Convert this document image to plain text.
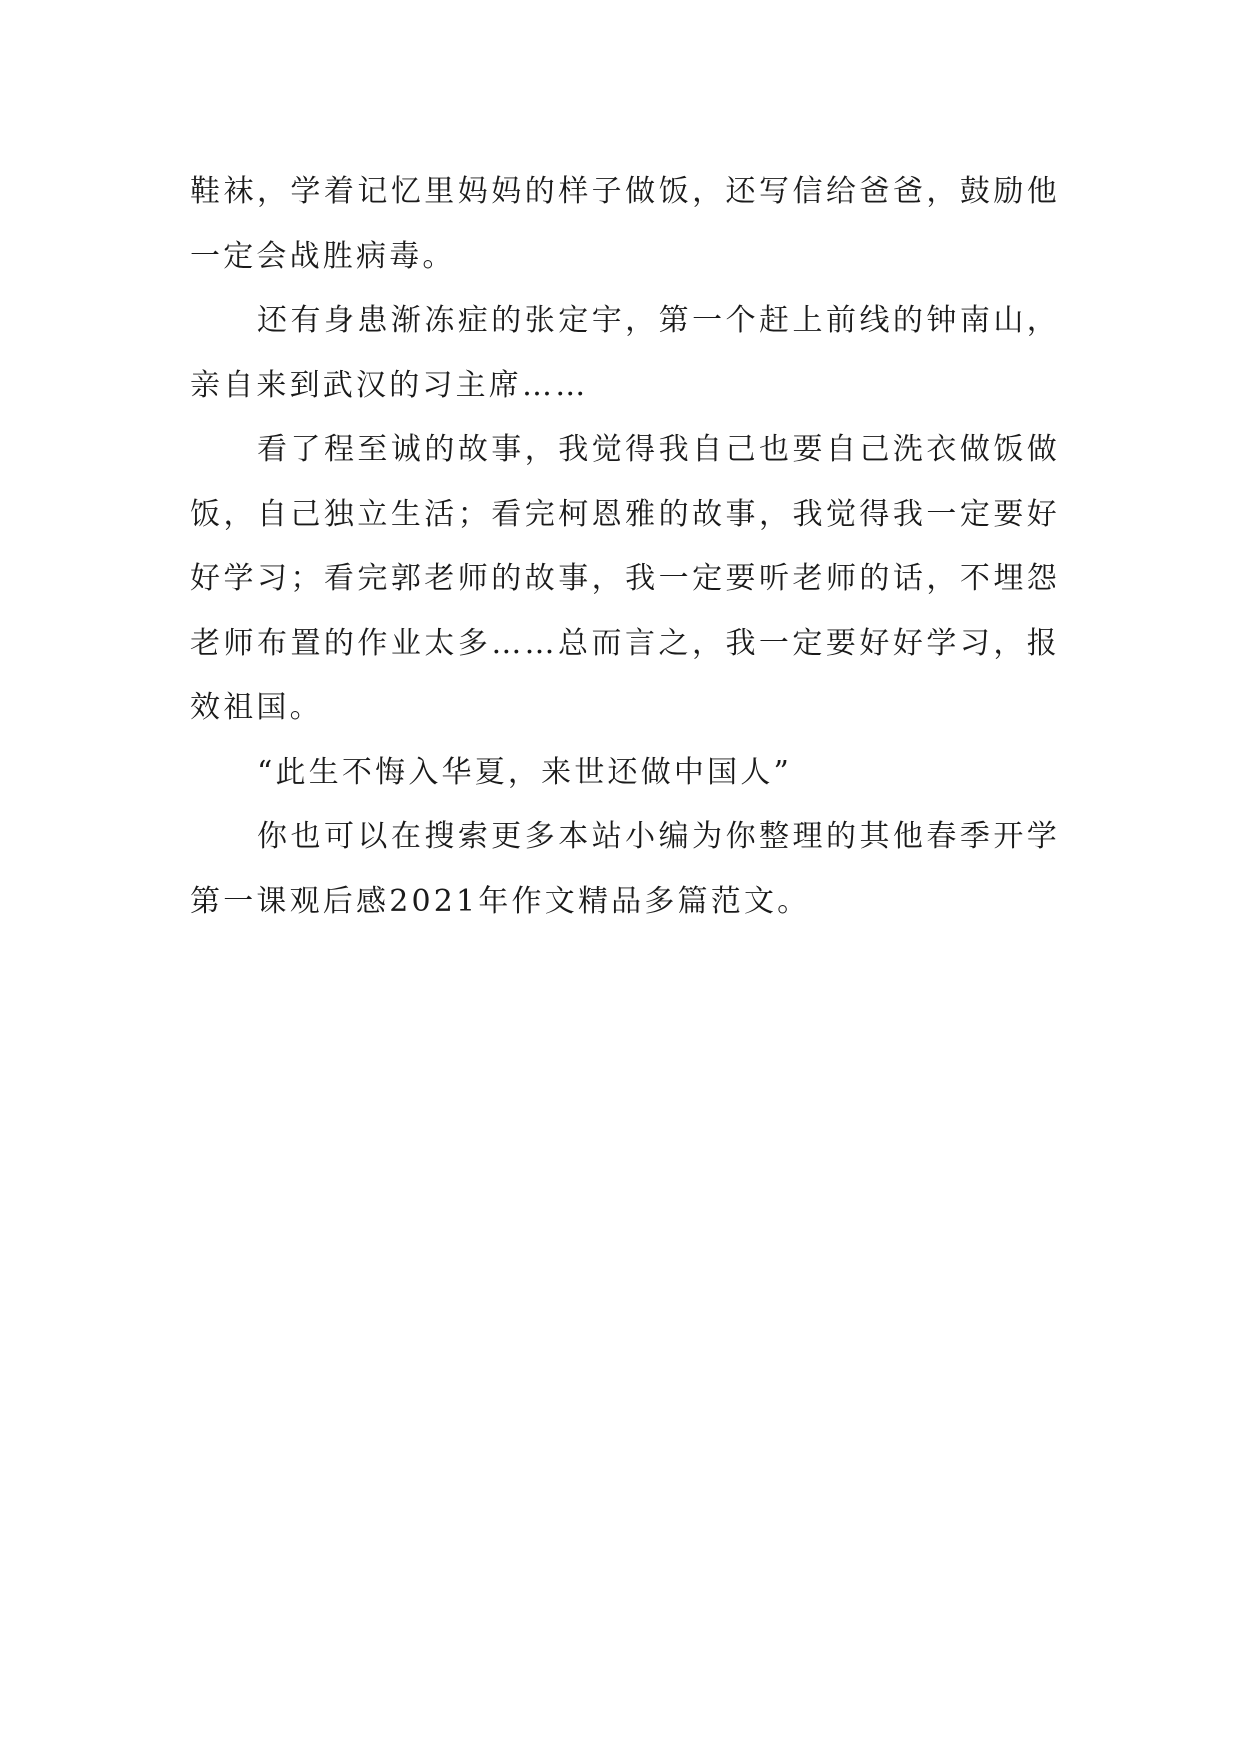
鞋袜，学着记忆里妈妈的样子做饭，还写信给爸爸，鼓励他一定会战胜病毒。

还有身患渐冻症的张定宇，第一个赶上前线的钟南山，亲自来到武汉的习主席……

看了程至诚的故事，我觉得我自己也要自己洗衣做饭做饭，自己独立生活；看完柯恩雅的故事，我觉得我一定要好好学习；看完郭老师的故事，我一定要听老师的话，不埋怨老师布置的作业太多……总而言之，我一定要好好学习，报效祖国。

“此生不悔入华夏，来世还做中国人”

你也可以在搜索更多本站小编为你整理的其他春季开学第一课观后感2021年作文精品多篇范文。
